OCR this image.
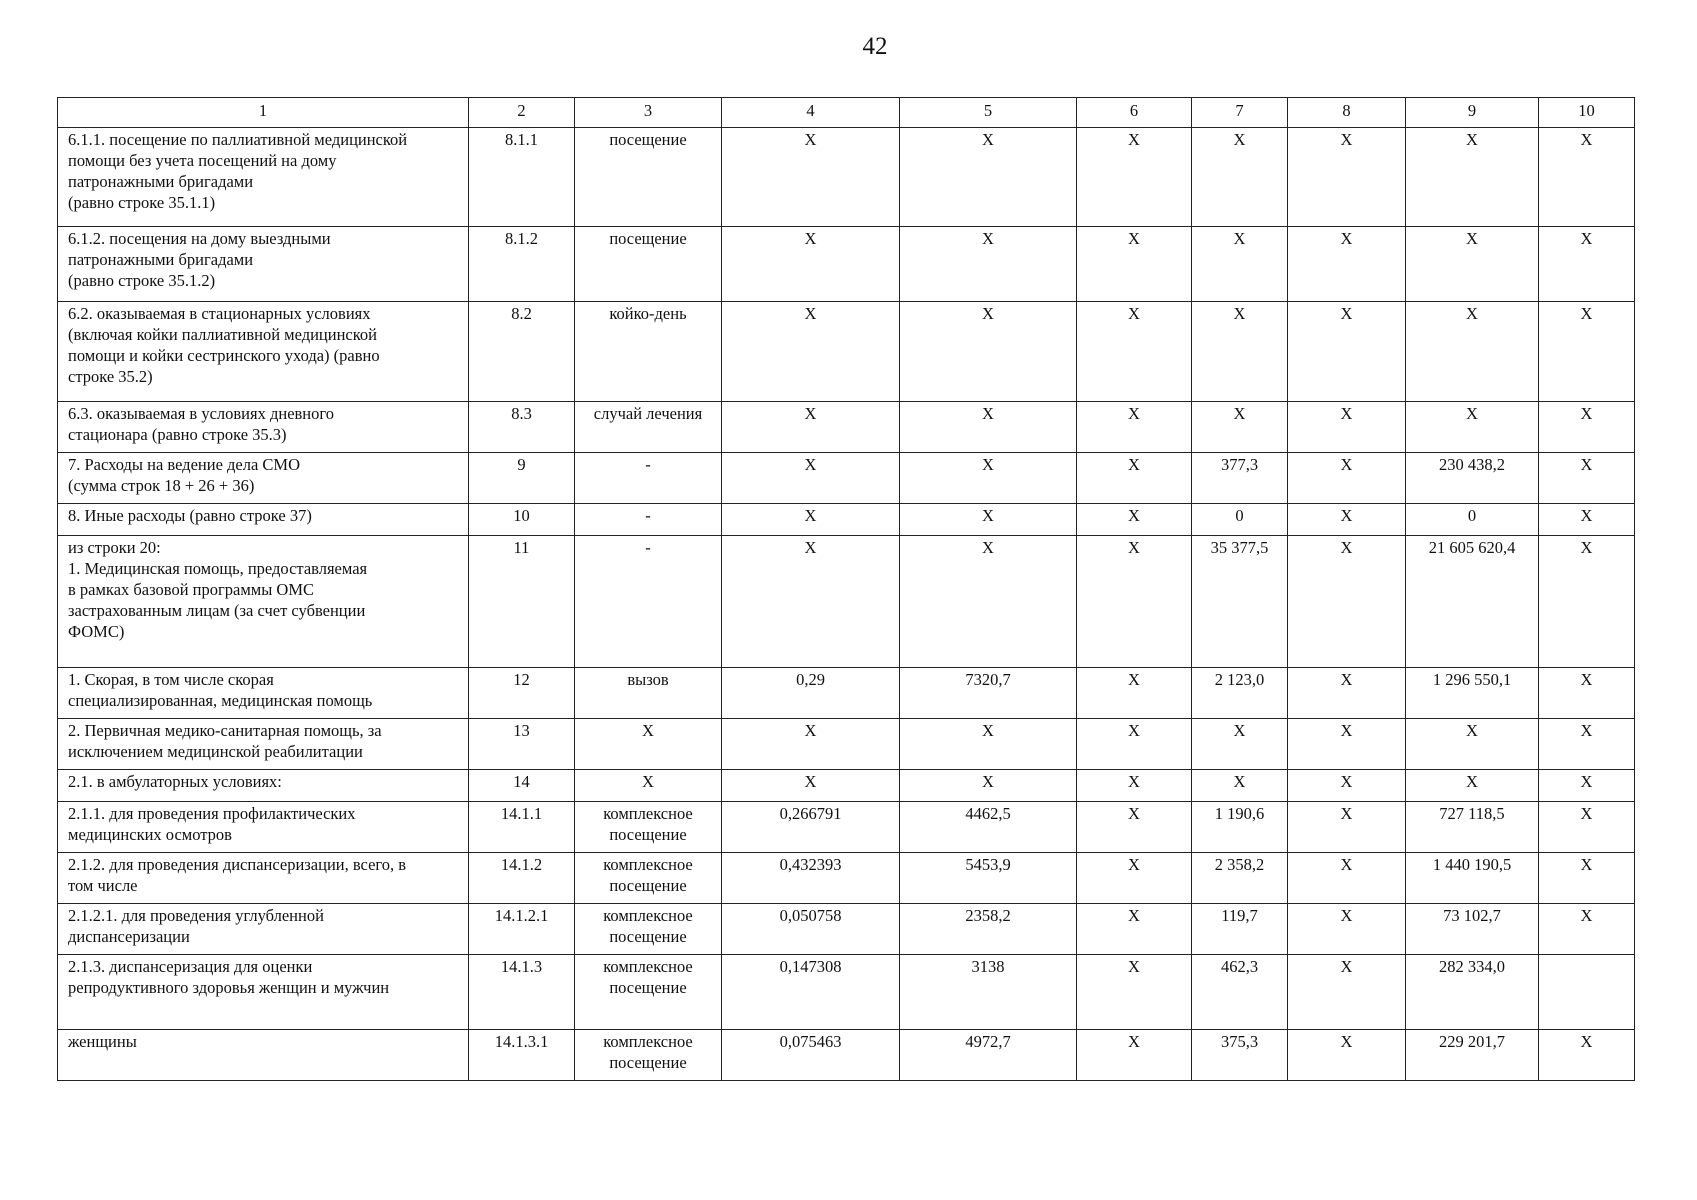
42
1	2	3	4	5	6	7	8	9	10
6.1.1. посещение по паллиативной медицинской
помощи без учета посещений на дому
патронажными бригадами
(равно строке 35.1.1)	8.1.1	посещение	X	X	X	X	X	X	X
6.1.2. посещения на дому выездными
патронажными бригадами
(равно строке 35.1.2)	8.1.2	посещение	X	X	X	X	X	X	X
6.2. оказываемая в стационарных условиях
(включая койки паллиативной медицинской
помощи и койки сестринского ухода) (равно
строке 35.2)	8.2	койко-день	X	X	X	X	X	X	X
6.3. оказываемая в условиях дневного
стационара (равно строке 35.3)	8.3	случай лечения	X	X	X	X	X	X	X
7. Расходы на ведение дела СМО
(сумма строк 18 + 26 + 36)	9	-	X	X	X	377,3	X	230 438,2	X
8. Иные расходы (равно строке 37)	10	-	X	X	X	0	X	0	X
из строки 20:
1. Медицинская помощь, предоставляемая
в рамках базовой программы ОМС
застрахованным лицам (за счет субвенции
ФОМС)	11	-	X	X	X	35 377,5	X	21 605 620,4	X
1. Скорая, в том числе скорая
специализированная, медицинская помощь	12	вызов	0,29	7320,7	X	2 123,0	X	1 296 550,1	X
2. Первичная медико-санитарная помощь, за
исключением медицинской реабилитации	13	X	X	X	X	X	X	X	X
2.1. в амбулаторных условиях:	14	X	X	X	X	X	X	X	X
2.1.1. для проведения профилактических
медицинских осмотров	14.1.1	комплексное
посещение	0,266791	4462,5	X	1 190,6	X	727 118,5	X
2.1.2. для проведения диспансеризации, всего, в
том числе	14.1.2	комплексное
посещение	0,432393	5453,9	X	2 358,2	X	1 440 190,5	X
2.1.2.1. для проведения углубленной
диспансеризации	14.1.2.1	комплексное
посещение	0,050758	2358,2	X	119,7	X	73 102,7	X
2.1.3. диспансеризация для оценки
репродуктивного здоровья женщин и мужчин	14.1.3	комплексное
посещение	0,147308	3138	X	462,3	X	282 334,0	
женщины	14.1.3.1	комплексное
посещение	0,075463	4972,7	X	375,3	X	229 201,7	X
